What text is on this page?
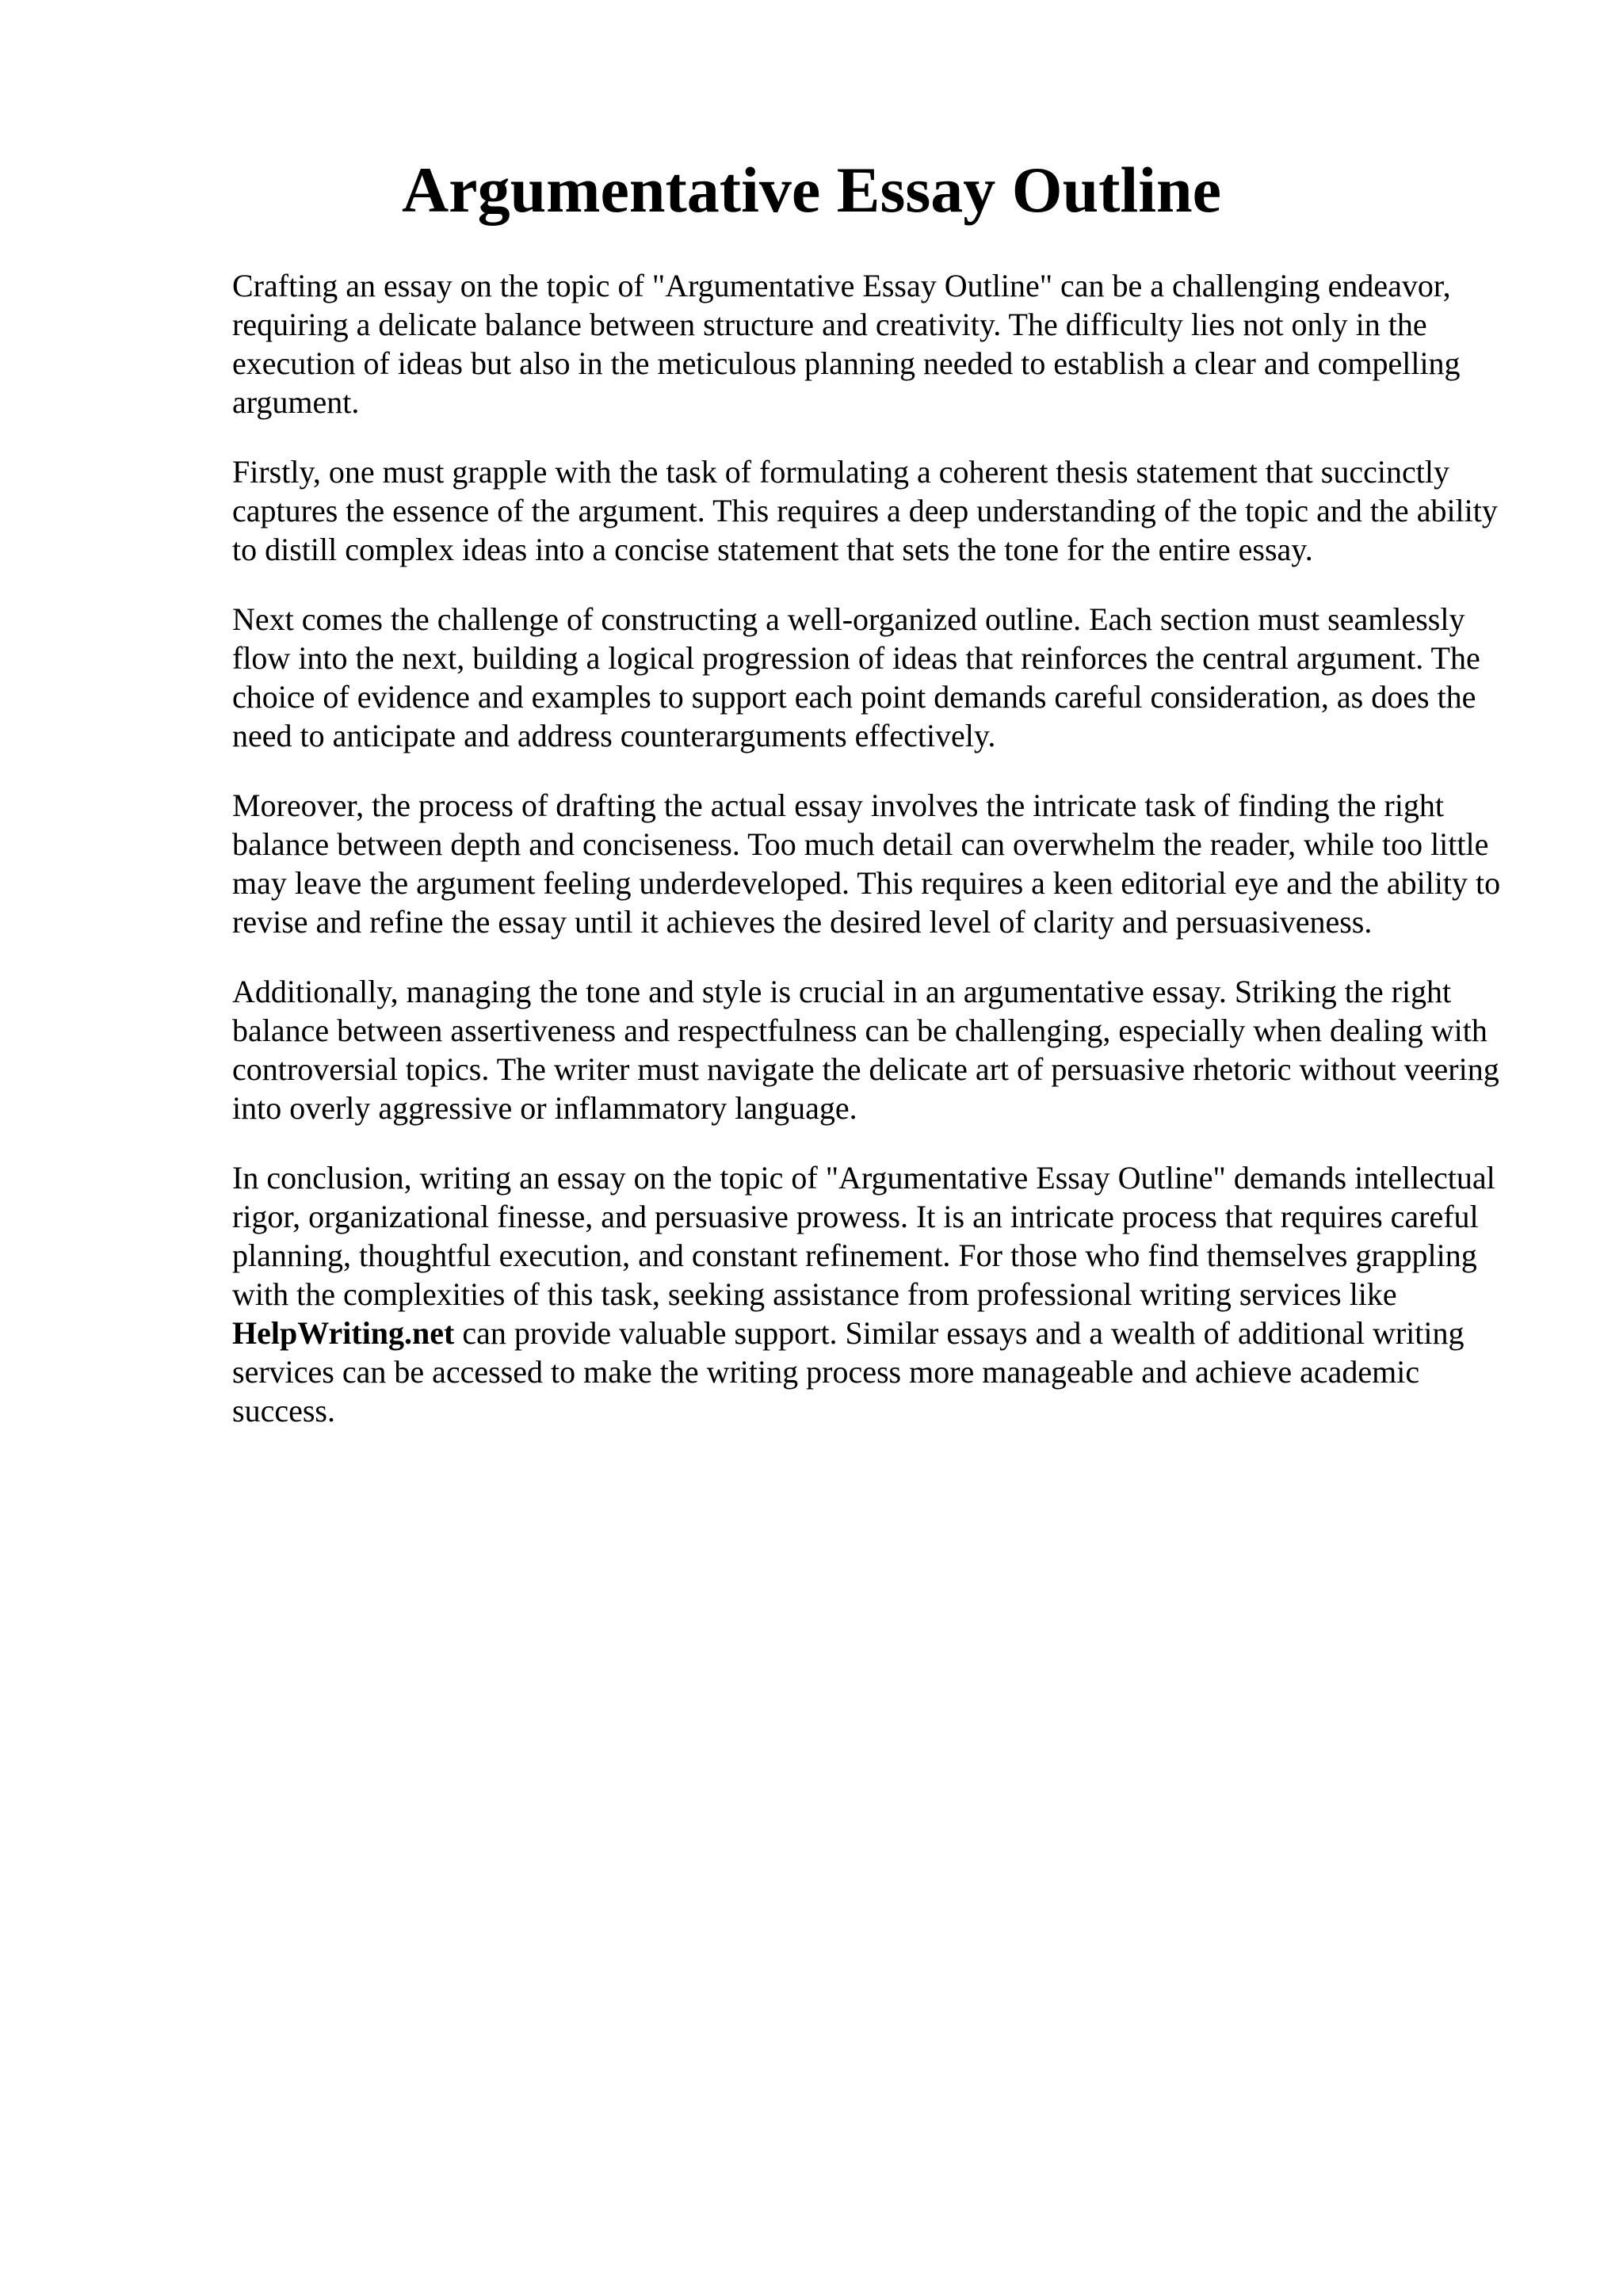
Argumentative Essay Outline

Crafting an essay on the topic of "Argumentative Essay Outline" can be a challenging endeavor, requiring a delicate balance between structure and creativity. The difficulty lies not only in the execution of ideas but also in the meticulous planning needed to establish a clear and compelling argument.

Firstly, one must grapple with the task of formulating a coherent thesis statement that succinctly captures the essence of the argument. This requires a deep understanding of the topic and the ability to distill complex ideas into a concise statement that sets the tone for the entire essay.

Next comes the challenge of constructing a well-organized outline. Each section must seamlessly flow into the next, building a logical progression of ideas that reinforces the central argument. The choice of evidence and examples to support each point demands careful consideration, as does the need to anticipate and address counterarguments effectively.

Moreover, the process of drafting the actual essay involves the intricate task of finding the right balance between depth and conciseness. Too much detail can overwhelm the reader, while too little may leave the argument feeling underdeveloped. This requires a keen editorial eye and the ability to revise and refine the essay until it achieves the desired level of clarity and persuasiveness.

Additionally, managing the tone and style is crucial in an argumentative essay. Striking the right balance between assertiveness and respectfulness can be challenging, especially when dealing with controversial topics. The writer must navigate the delicate art of persuasive rhetoric without veering into overly aggressive or inflammatory language.

In conclusion, writing an essay on the topic of "Argumentative Essay Outline" demands intellectual rigor, organizational finesse, and persuasive prowess. It is an intricate process that requires careful planning, thoughtful execution, and constant refinement. For those who find themselves grappling with the complexities of this task, seeking assistance from professional writing services like HelpWriting.net can provide valuable support. Similar essays and a wealth of additional writing services can be accessed to make the writing process more manageable and achieve academic success.
